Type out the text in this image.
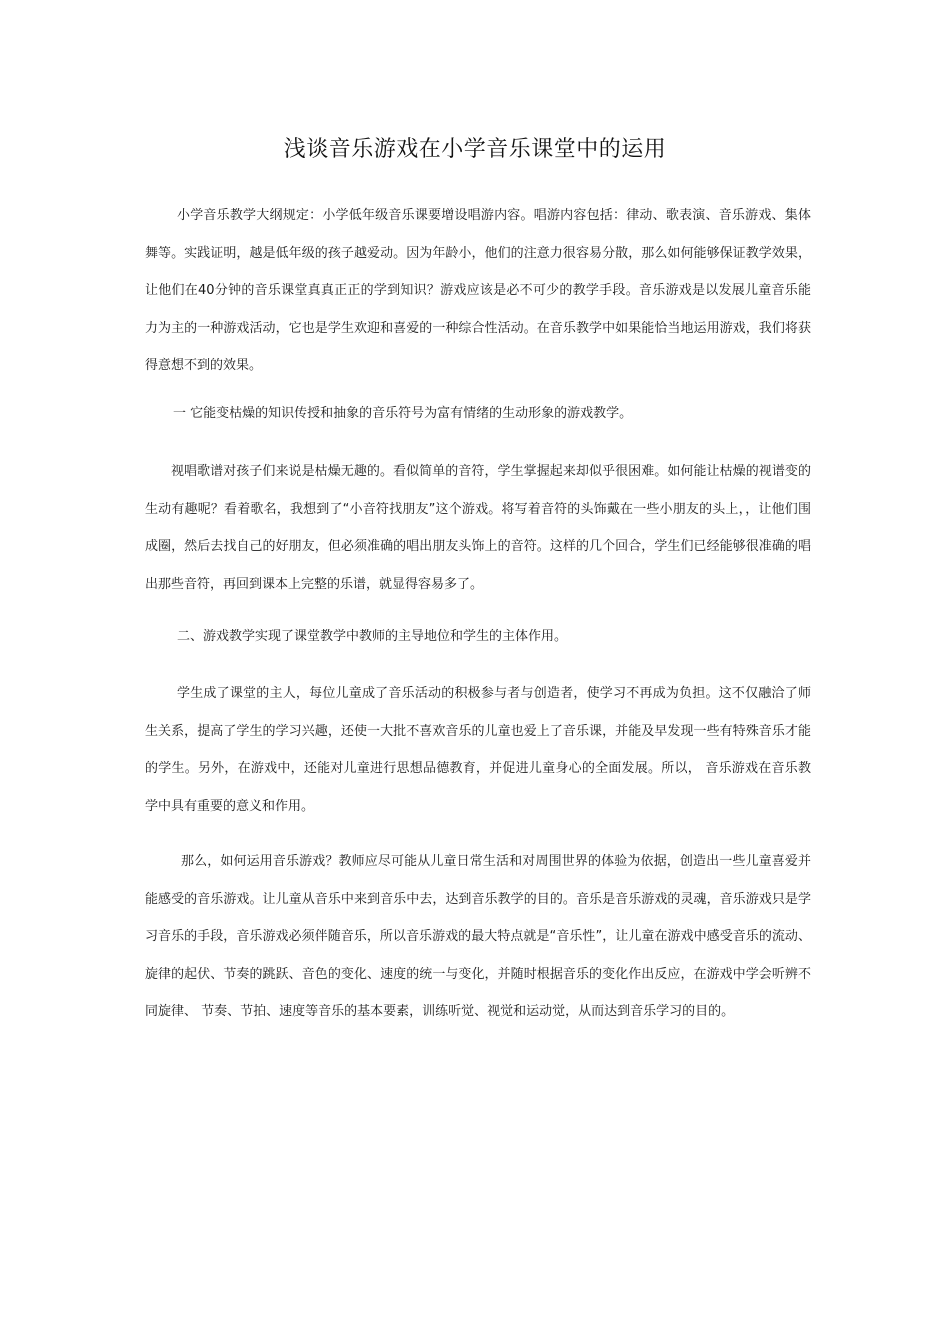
浅谈音乐游戏在小学音乐课堂中的运用

小学音乐教学大纲规定：小学低年级音乐课要增设唱游内容。唱游内容包括：律动、歌表演、音乐游戏、集体舞等。实践证明，越是低年级的孩子越爱动。因为年龄小，他们的注意力很容易分散，那么如何能够保证教学效果，让他们在40分钟的音乐课堂真真正正的学到知识？游戏应该是必不可少的教学手段。音乐游戏是以发展儿童音乐能力为主的一种游戏活动，它也是学生欢迎和喜爱的一种综合性活动。在音乐教学中如果能恰当地运用游戏，我们将获得意想不到的效果。

一 它能变枯燥的知识传授和抽象的音乐符号为富有情绪的生动形象的游戏教学。

视唱歌谱对孩子们来说是枯燥无趣的。看似简单的音符，学生掌握起来却似乎很困难。如何能让枯燥的视谱变的生动有趣呢？看着歌名，我想到了“小音符找朋友”这个游戏。将写着音符的头饰戴在一些小朋友的头上，，让他们围成圈，然后去找自己的好朋友，但必须准确的唱出朋友头饰上的音符。这样的几个回合，学生们已经能够很准确的唱出那些音符，再回到课本上完整的乐谱，就显得容易多了。

二、游戏教学实现了课堂教学中教师的主导地位和学生的主体作用。

学生成了课堂的主人，每位儿童成了音乐活动的积极参与者与创造者，使学习不再成为负担。这不仅融洽了师生关系，提高了学生的学习兴趣，还使一大批不喜欢音乐的儿童也爱上了音乐课，并能及早发现一些有特殊音乐才能的学生。另外，在游戏中，还能对儿童进行思想品德教育，并促进儿童身心的全面发展。所以， 音乐游戏在音乐教学中具有重要的意义和作用。

那么，如何运用音乐游戏？教师应尽可能从儿童日常生活和对周围世界的体验为依据，创造出一些儿童喜爱并能感受的音乐游戏。让儿童从音乐中来到音乐中去，达到音乐教学的目的。音乐是音乐游戏的灵魂，音乐游戏只是学习音乐的手段，音乐游戏必须伴随音乐，所以音乐游戏的最大特点就是“音乐性”，让儿童在游戏中感受音乐的流动、旋律的起伏、节奏的跳跃、音色的变化、速度的统一与变化，并随时根据音乐的变化作出反应，在游戏中学会听辨不同旋律、 节奏、节拍、速度等音乐的基本要素，训练听觉、视觉和运动觉，从而达到音乐学习的目的。
